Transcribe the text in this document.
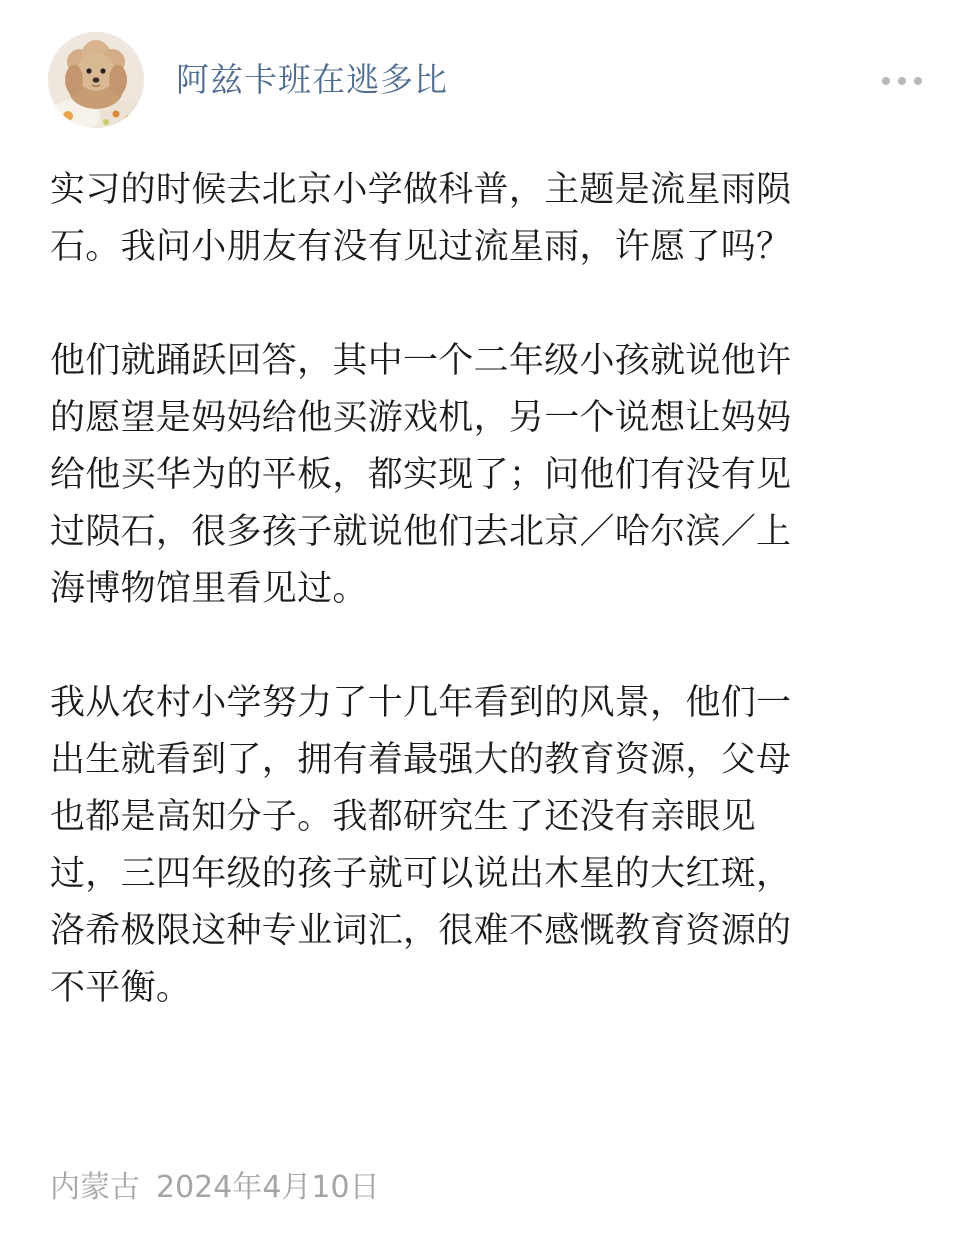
阿兹卡班在逃多比

实习的时候去北京小学做科普，主题是流星雨陨
石。我问小朋友有没有见过流星雨，许愿了吗？

他们就踊跃回答，其中一个二年级小孩就说他许
的愿望是妈妈给他买游戏机，另一个说想让妈妈
给他买华为的平板，都实现了；问他们有没有见
过陨石，很多孩子就说他们去北京／哈尔滨／上
海博物馆里看见过。

我从农村小学努力了十几年看到的风景，他们一
出生就看到了，拥有着最强大的教育资源，父母
也都是高知分子。我都研究生了还没有亲眼见
过，三四年级的孩子就可以说出木星的大红斑，
洛希极限这种专业词汇，很难不感慨教育资源的
不平衡。

内蒙古 2024年4月10日
